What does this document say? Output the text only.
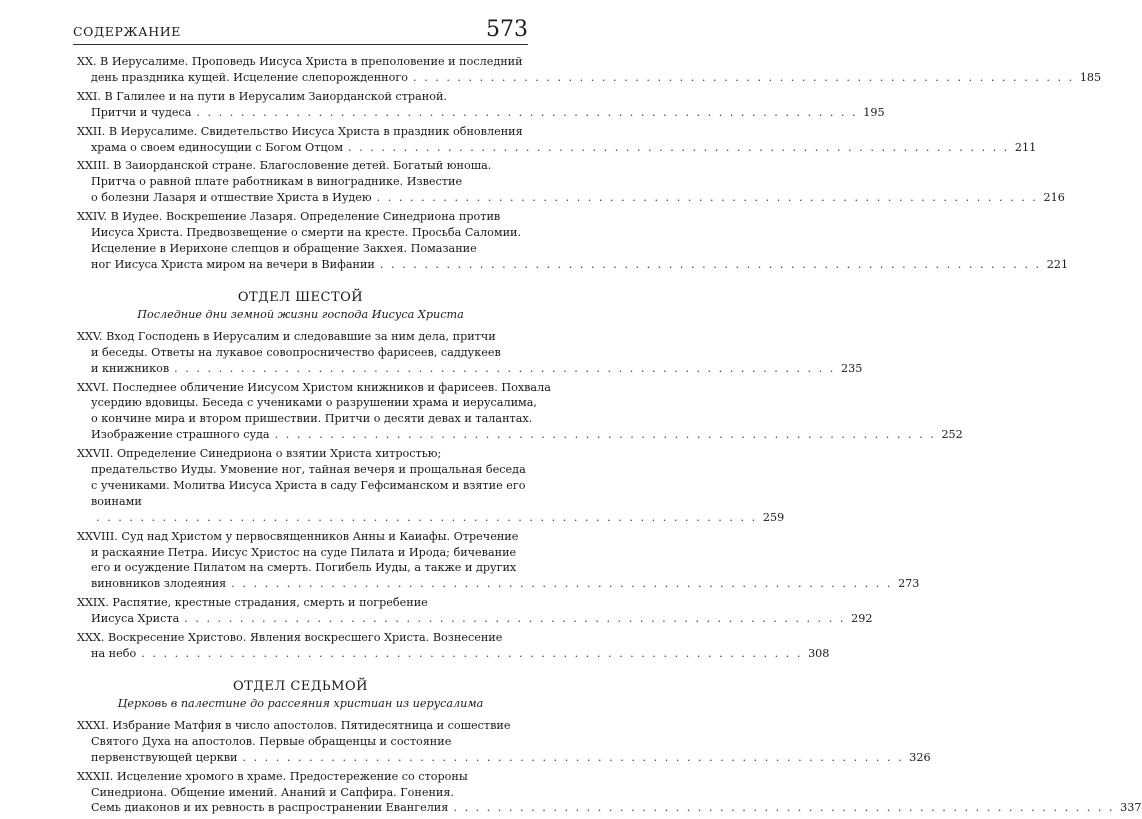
СОДЕРЖАНИЕ	573
XX. В Иерусалиме. Проповедь Иисуса Христа в преполовение и последний
день праздника кущей. Исцеление слепорожденного . . . . . . . . . . . . . . . . . . . . . . . . . . . . . . . . . . . . . . . . . . . . . . . . . . . . . . . . . . . . 185
XXI. В Галилее и на пути в Иерусалим Заиорданской страной.
Притчи и чудеса . . . . . . . . . . . . . . . . . . . . . . . . . . . . . . . . . . . . . . . . . . . . . . . . . . . . . . . . . . . . 195
XXII. В Иерусалиме. Свидетельство Иисуса Христа в праздник обновления
храма о своем единосущии с Богом Отцом . . . . . . . . . . . . . . . . . . . . . . . . . . . . . . . . . . . . . . . . . . . . . . . . . . . . . . . . . . . . 211
XXIII. В Заиорданской стране. Благословение детей. Богатый юноша.
Притча о равной плате работникам в винограднике. Известие
о болезни Лазаря и отшествие Христа в Иудею . . . . . . . . . . . . . . . . . . . . . . . . . . . . . . . . . . . . . . . . . . . . . . . . . . . . . . . . . . . . 216
XXIV. В Иудее. Воскрешение Лазаря. Определение Синедриона против
Иисуса Христа. Предвозвещение о смерти на кресте. Просьба Саломии.
Исцеление в Иерихоне слепцов и обращение Закхея. Помазание
ног Иисуса Христа миром на вечери в Вифании . . . . . . . . . . . . . . . . . . . . . . . . . . . . . . . . . . . . . . . . . . . . . . . . . . . . . . . . . . . . 221
ОТДЕЛ ШЕСТОЙ
Последние дни земной жизни господа Иисуса Христа
XXV. Вход Господень в Иерусалим и следовавшие за ним дела, притчи
и беседы. Ответы на лукавое совопросничество фарисеев, саддукеев
и книжников . . . . . . . . . . . . . . . . . . . . . . . . . . . . . . . . . . . . . . . . . . . . . . . . . . . . . . . . . . . . 235
XXVI. Последнее обличение Иисусом Христом книжников и фарисеев. Похвала
усердию вдовицы. Беседа с учениками о разрушении храма и иерусалима,
о кончине мира и втором пришествии. Притчи о десяти девах и талантах.
Изображение страшного суда . . . . . . . . . . . . . . . . . . . . . . . . . . . . . . . . . . . . . . . . . . . . . . . . . . . . . . . . . . . . 252
XXVII. Определение Синедриона о взятии Христа хитростью;
предательство Иуды. Умовение ног, тайная вечеря и прощальная беседа
с учениками. Молитва Иисуса Христа в саду Гефсиманском и взятие его
воинами
. . . . . . . . . . . . . . . . . . . . . . . . . . . . . . . . . . . . . . . . . . . . . . . . . . . . . . . . . . . . 259
XXVIII. Суд над Христом у первосвященников Анны и Каиафы. Отречение
и раскаяние Петра. Иисус Христос на суде Пилата и Ирода; бичевание
его и осуждение Пилатом на смерть. Погибель Иуды, а также и других
виновников злодеяния . . . . . . . . . . . . . . . . . . . . . . . . . . . . . . . . . . . . . . . . . . . . . . . . . . . . . . . . . . . . 273
XXIX. Распятие, крестные страдания, смерть и погребение
Иисуса Христа . . . . . . . . . . . . . . . . . . . . . . . . . . . . . . . . . . . . . . . . . . . . . . . . . . . . . . . . . . . . 292
XXX. Воскресение Христово. Явления воскресшего Христа. Вознесение
на небо . . . . . . . . . . . . . . . . . . . . . . . . . . . . . . . . . . . . . . . . . . . . . . . . . . . . . . . . . . . . 308
ОТДЕЛ СЕДЬМОЙ
Церковь в палестине до рассеяния христиан из иерусалима
XXXI. Избрание Матфия в число апостолов. Пятидесятница и сошествие
Святого Духа на апостолов. Первые обращенцы и состояние
первенствующей церкви . . . . . . . . . . . . . . . . . . . . . . . . . . . . . . . . . . . . . . . . . . . . . . . . . . . . . . . . . . . . 326
XXXII. Исцеление хромого в храме. Предостережение со стороны
Синедриона. Общение имений. Ананий и Сапфира. Гонения.
Семь диаконов и их ревность в распространении Евангелия . . . . . . . . . . . . . . . . . . . . . . . . . . . . . . . . . . . . . . . . . . . . . . . . . . . . . . . . . . . . 337
